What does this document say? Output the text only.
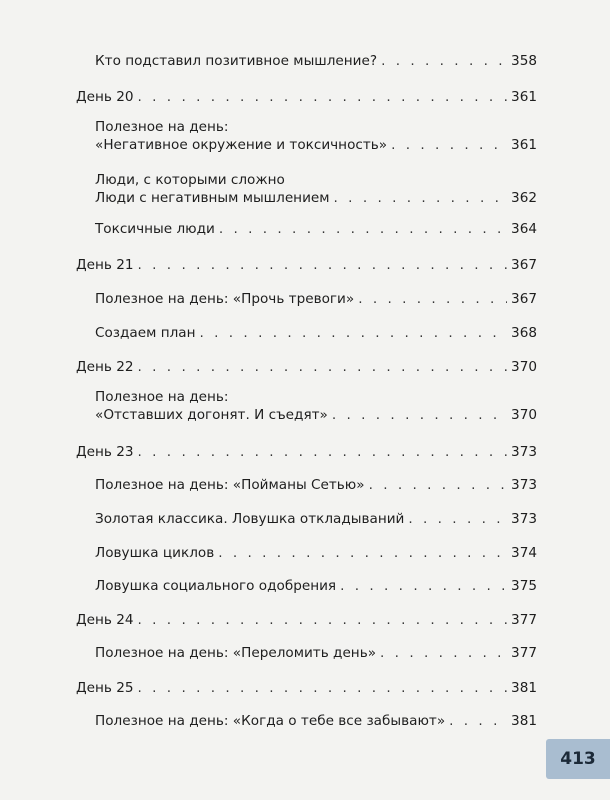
Кто подставил позитивное мышление? . . .	358
День 20 . . .	361
Полезное на день:
«Негативное окружение и токсичность» . . .	361
Люди, с которыми сложно
Люди с негативным мышлением . . .	362
Токсичные люди . . .	364
День 21 . . .	367
Полезное на день: «Прочь тревоги» . . .	367
Создаем план . . .	368
День 22 . . .	370
Полезное на день:
«Отставших догонят. И съедят» . . .	370
День 23 . . .	373
Полезное на день: «Пойманы Сетью» . . .	373
Золотая классика. Ловушка откладываний . . .	373
Ловушка циклов . . .	374
Ловушка социального одобрения . . .	375
День 24 . . .	377
Полезное на день: «Переломить день» . . .	377
День 25 . . .	381
Полезное на день: «Когда о тебе все забывают» . . .	381
413
